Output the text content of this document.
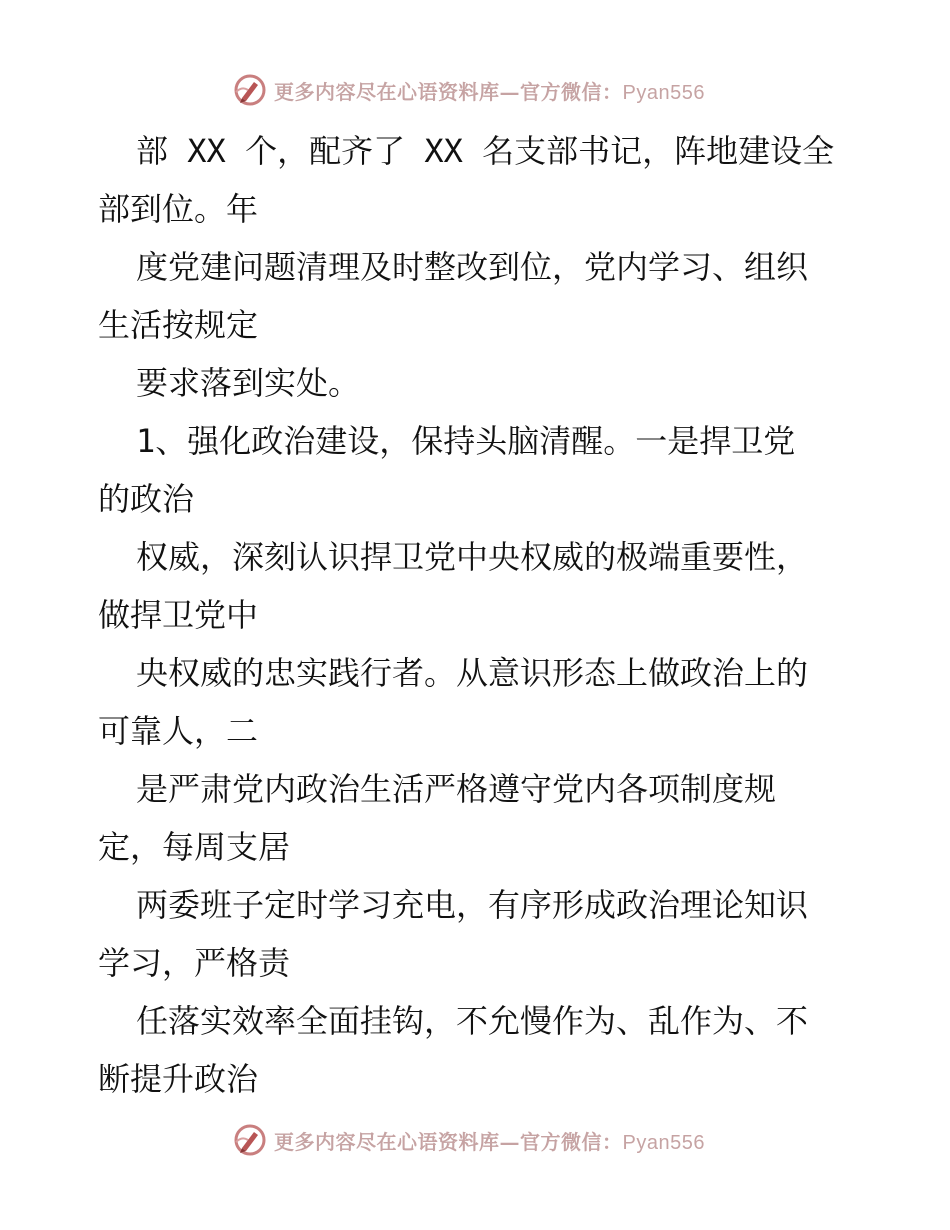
更多内容尽在心语资料库—官方微信：Pyan556
部 XX 个，配齐了 XX 名支部书记，阵地建设全
部到位。年
度党建问题清理及时整改到位，党内学习、组织
生活按规定
要求落到实处。
1、强化政治建设，保持头脑清醒。一是捍卫党
的政治
权威，深刻认识捍卫党中央权威的极端重要性，
做捍卫党中
央权威的忠实践行者。从意识形态上做政治上的
可靠人，二
是严肃党内政治生活严格遵守党内各项制度规
定，每周支居
两委班子定时学习充电，有序形成政治理论知识
学习，严格责
任落实效率全面挂钩，不允慢作为、乱作为、不
断提升政治
更多内容尽在心语资料库—官方微信：Pyan556
